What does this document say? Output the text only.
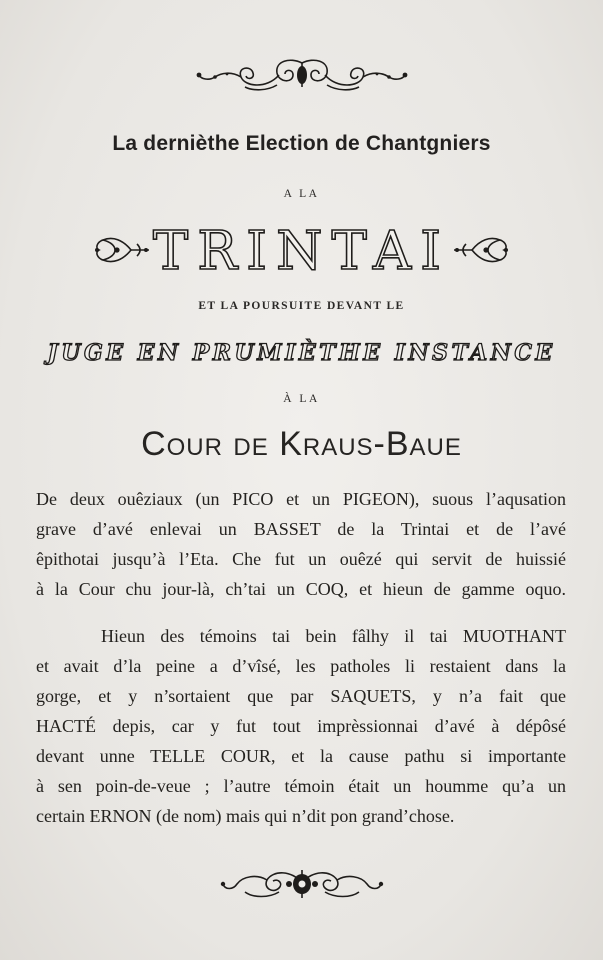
La dernièthe Election de Chantgniers
A LA
TRINTAI
ET LA POURSUITE DEVANT LE
JUGE EN PRUMIÈTHE INSTANCE
À LA
Cour de Kraus-Baue
De deux ouêziaux (un PICO et un PIGEON), suous l’aqusation
grave d’avé enlevai un BASSET de la Trintai et de l’avé
êpithotai jusqu’à l’Eta. Che fut un ouêzé qui servit de huissié
à la Cour chu jour-là, ch’tai un COQ, et hieun de gamme oquo.
Hieun des témoins tai bein fâlhy il tai MUOTHANT
et avait d’la peine a d’vîsé, les patholes li restaient dans la
gorge, et y n’sortaient que par SAQUETS, y n’a fait que
HACTÉ depis, car y fut tout imprèssionnai d’avé à dépôsé
devant unne TELLE COUR, et la cause pathu si importante
à sen poin-de-veue ; l’autre témoin était un houmme qu’a un
certain ERNON (de nom) mais qui n’dit pon grand’chose.
